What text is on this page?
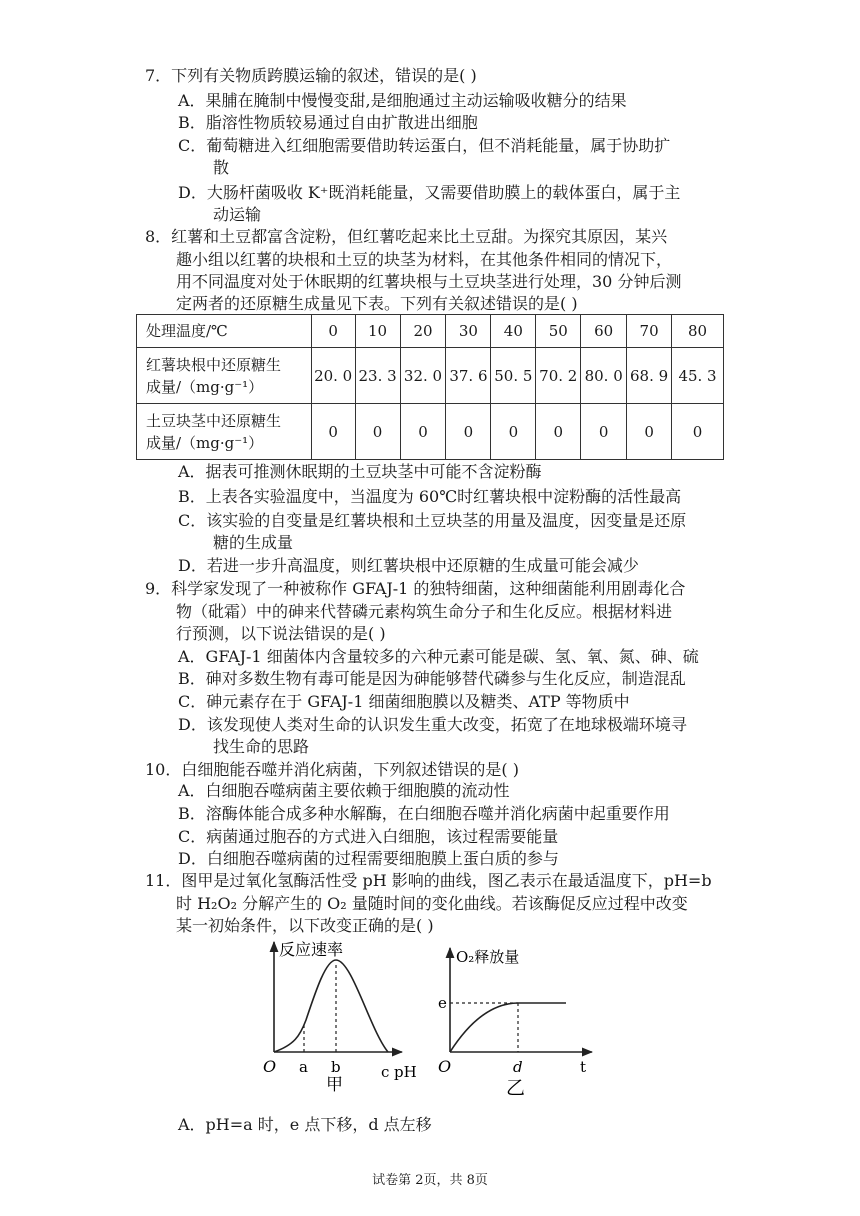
7．下列有关物质跨膜运输的叙述，错误的是( )
A．果脯在腌制中慢慢变甜,是细胞通过主动运输吸收糖分的结果
B．脂溶性物质较易通过自由扩散进出细胞
C．葡萄糖进入红细胞需要借助转运蛋白，但不消耗能量，属于协助扩
散
D．大肠杆菌吸收 K⁺既消耗能量，又需要借助膜上的载体蛋白，属于主
动运输
8．红薯和土豆都富含淀粉，但红薯吃起来比土豆甜。为探究其原因，某兴
趣小组以红薯的块根和土豆的块茎为材料，在其他条件相同的情况下，
用不同温度对处于休眠期的红薯块根与土豆块茎进行处理，30 分钟后测
定两者的还原糖生成量见下表。下列有关叙述错误的是( )
处理温度/℃	0	10	20	30	40	50	60	70	80

红薯块根中还原糖生
成量/（mg·g⁻¹）	20. 0	23. 3	32. 0	37. 6	50. 5	70. 2	80. 0	68. 9	45. 3

土豆块茎中还原糖生
成量/（mg·g⁻¹）	0	0	0	0	0	0	0	0	0
A．据表可推测休眠期的土豆块茎中可能不含淀粉酶
B．上表各实验温度中，当温度为 60℃时红薯块根中淀粉酶的活性最高
C．该实验的自变量是红薯块根和土豆块茎的用量及温度，因变量是还原
糖的生成量
D．若进一步升高温度，则红薯块根中还原糖的生成量可能会减少
9．科学家发现了一种被称作 GFAJ-1 的独特细菌，这种细菌能利用剧毒化合
物（砒霜）中的砷来代替磷元素构筑生命分子和生化反应。根据材料进
行预测，以下说法错误的是( )
A．GFAJ-1 细菌体内含量较多的六种元素可能是碳、氢、氧、氮、砷、硫
B．砷对多数生物有毒可能是因为砷能够替代磷参与生化反应，制造混乱
C．砷元素存在于 GFAJ-1 细菌细胞膜以及糖类、ATP 等物质中
D．该发现使人类对生命的认识发生重大改变，拓宽了在地球极端环境寻
找生命的思路
10．白细胞能吞噬并消化病菌，下列叙述错误的是( )
A．白细胞吞噬病菌主要依赖于细胞膜的流动性
B．溶酶体能合成多种水解酶，在白细胞吞噬并消化病菌中起重要作用
C．病菌通过胞吞的方式进入白细胞，该过程需要能量
D．白细胞吞噬病菌的过程需要细胞膜上蛋白质的参与
11．图甲是过氧化氢酶活性受 pH 影响的曲线，图乙表示在最适温度下，pH=b
时 H₂O₂ 分解产生的 O₂ 量随时间的变化曲线。若该酶促反应过程中改变
某一初始条件，以下改变正确的是( )
反应速率
O a b	c pH
甲
O₂释放量
O
e
d	t
乙
A．pH=a 时，e 点下移，d 点左移
试卷第 2页，共 8页
